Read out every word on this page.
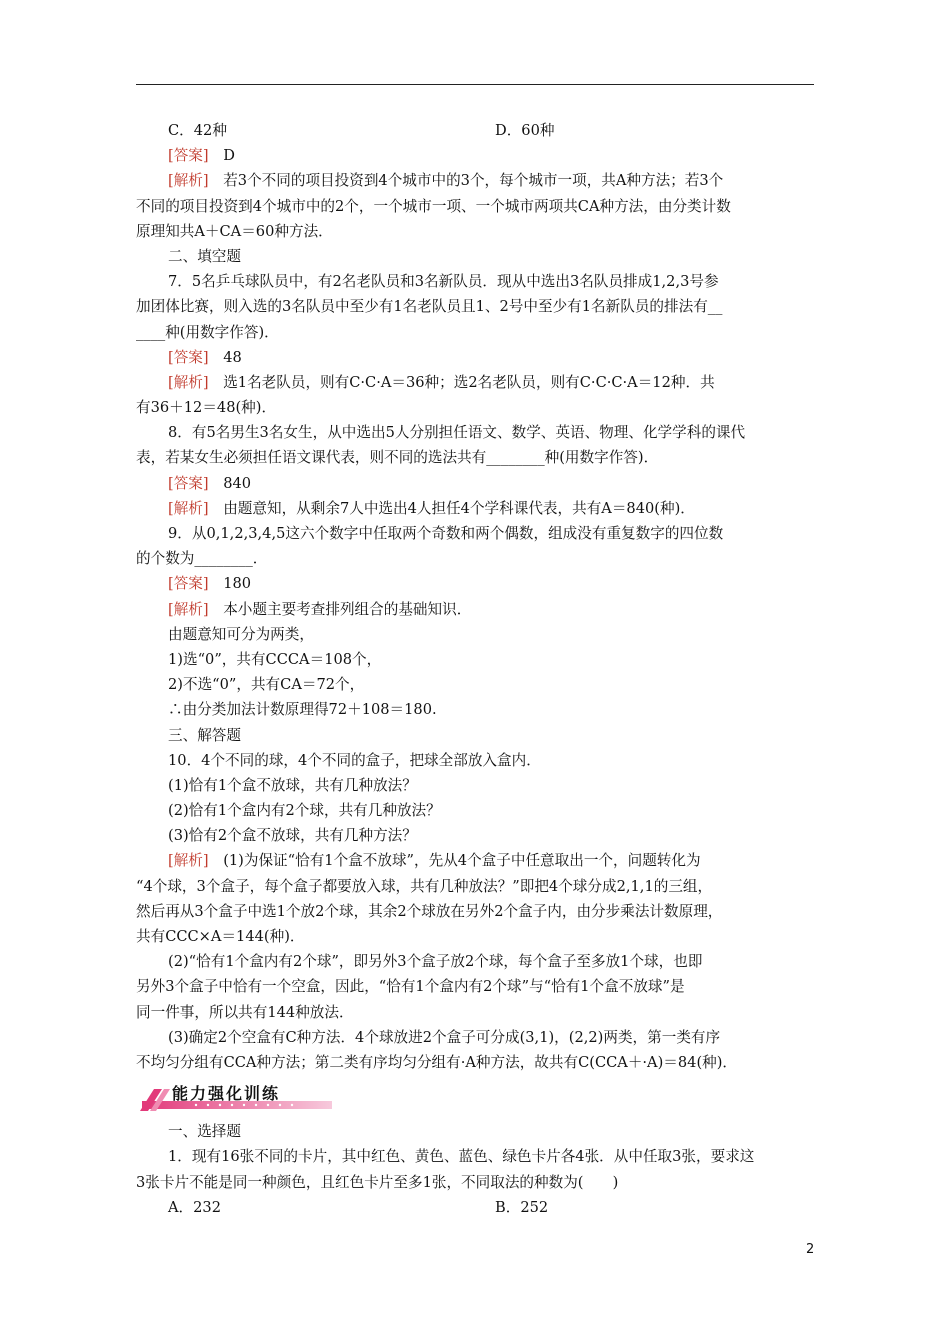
C．42种	D．60种
[答案]　 D
[解析]　 若3个不同的项目投资到4个城市中的3个，每个城市一项，共A种方法；若3个
不同的项目投资到4个城市中的2个，一个城市一项、一个城市两项共CA种方法，由分类计数
原理知共A＋CA＝60种方法．
二、填空题
7．5名乒乓球队员中，有2名老队员和3名新队员．现从中选出3名队员排成1,2,3号参
加团体比赛，则入选的3名队员中至少有1名老队员且1、2号中至少有1名新队员的排法有__
____种(用数字作答)．
[答案]　 48
[解析]　 选1名老队员，则有C·C·A＝36种；选2名老队员，则有C·C·C·A＝12种．共
有36＋12＝48(种)．
8．有5名男生3名女生，从中选出5人分别担任语文、数学、英语、物理、化学学科的课代
表，若某女生必须担任语文课代表，则不同的选法共有________种(用数字作答)．
[答案]　 840
[解析]　 由题意知，从剩余7人中选出4人担任4个学科课代表，共有A＝840(种)．
9．从0,1,2,3,4,5这六个数字中任取两个奇数和两个偶数，组成没有重复数字的四位数
的个数为________．
[答案]　 180
[解析]　 本小题主要考查排列组合的基础知识．
由题意知可分为两类，
1)选“0”，共有CCCA＝108个，
2)不选“0”，共有CA＝72个，
∴由分类加法计数原理得72＋108＝180.
三、解答题
10．4个不同的球，4个不同的盒子，把球全部放入盒内．
(1)恰有1个盒不放球，共有几种放法？
(2)恰有1个盒内有2个球，共有几种放法？
(3)恰有2个盒不放球，共有几种方法？
[解析]　 (1)为保证“恰有1个盒不放球”，先从4个盒子中任意取出一个，问题转化为
“4个球，3个盒子，每个盒子都要放入球，共有几种放法？”即把4个球分成2,1,1的三组，
然后再从3个盒子中选1个放2个球，其余2个球放在另外2个盒子内，由分步乘法计数原理，
共有CCC×A＝144(种)．
(2)“恰有1个盒内有2个球”，即另外3个盒子放2个球，每个盒子至多放1个球，也即
另外3个盒子中恰有一个空盒，因此，“恰有1个盒内有2个球”与“恰有1个盒不放球”是
同一件事，所以共有144种放法．
(3)确定2个空盒有C种方法．4个球放进2个盒子可分成(3,1)，(2,2)两类，第一类有序
不均匀分组有CCA种方法；第二类有序均匀分组有·A种方法，故共有C(CCA＋·A)＝84(种)．
能力强化训练
一、选择题
1．现有16张不同的卡片，其中红色、黄色、蓝色、绿色卡片各4张．从中任取3张，要求这
3张卡片不能是同一种颜色，且红色卡片至多1张，不同取法的种数为(　　)
A．232	B．252
2
